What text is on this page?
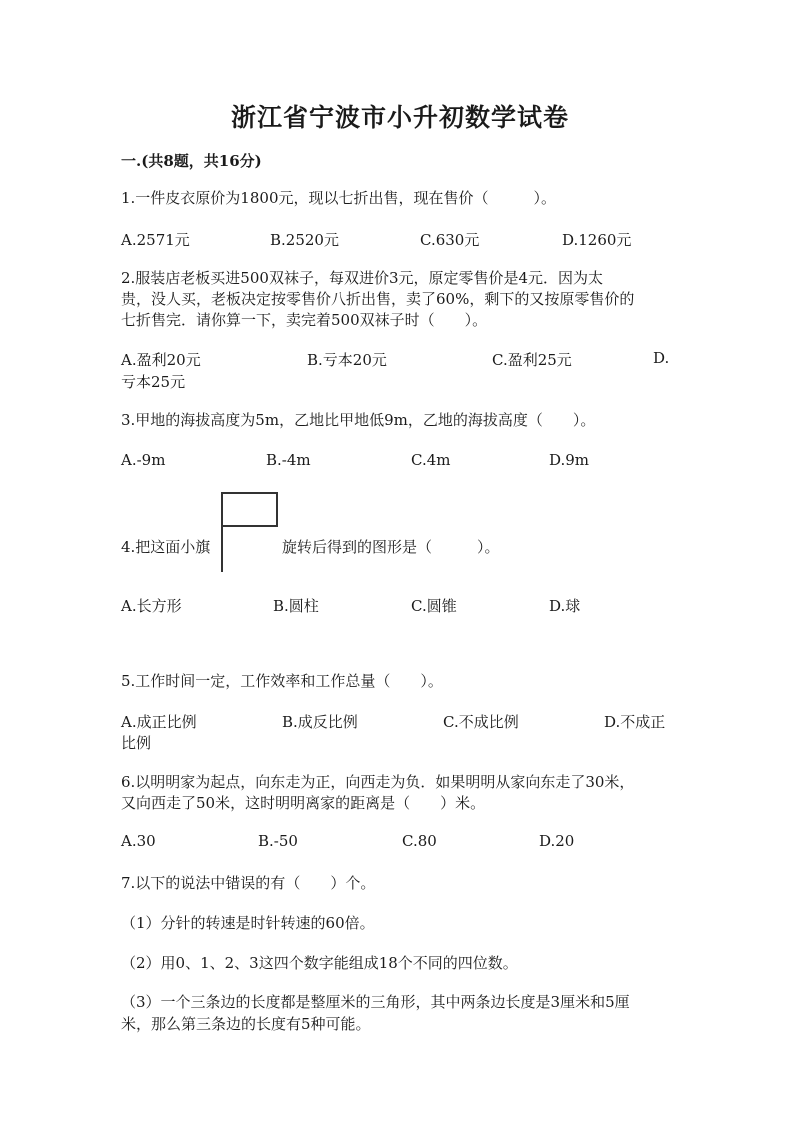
浙江省宁波市小升初数学试卷
一.(共8题，共16分)
1.一件皮衣原价为1800元，现以七折出售，现在售价（　　　）。
A.2571元	B.2520元	C.630元	D.1260元
2.服装店老板买进500双袜子，每双进价3元，原定零售价是4元．因为太
贵，没人买，老板决定按零售价八折出售，卖了60%，剩下的又按原零售价的
七折售完．请你算一下，卖完着500双袜子时（　　）。
A.盈利20元	B.亏本20元	C.盈利25元	D.
亏本25元
3.甲地的海拔高度为5m，乙地比甲地低9m，乙地的海拔高度（　　）。
A.-9m	B.-4m	C.4m	D.9m
4.把这面小旗	旋转后得到的图形是（　　　）。
A.长方形	B.圆柱	C.圆锥	D.球
5.工作时间一定，工作效率和工作总量（　　）。
A.成正比例	B.成反比例	C.不成比例	D.不成正
比例
6.以明明家为起点，向东走为正，向西走为负．如果明明从家向东走了30米，
又向西走了50米，这时明明离家的距离是（　　）米。
A.30	B.-50	C.80	D.20
7.以下的说法中错误的有（　　）个。
（1）分针的转速是时针转速的60倍。
（2）用0、1、2、3这四个数字能组成18个不同的四位数。
（3）一个三条边的长度都是整厘米的三角形，其中两条边长度是3厘米和5厘
米，那么第三条边的长度有5种可能。
